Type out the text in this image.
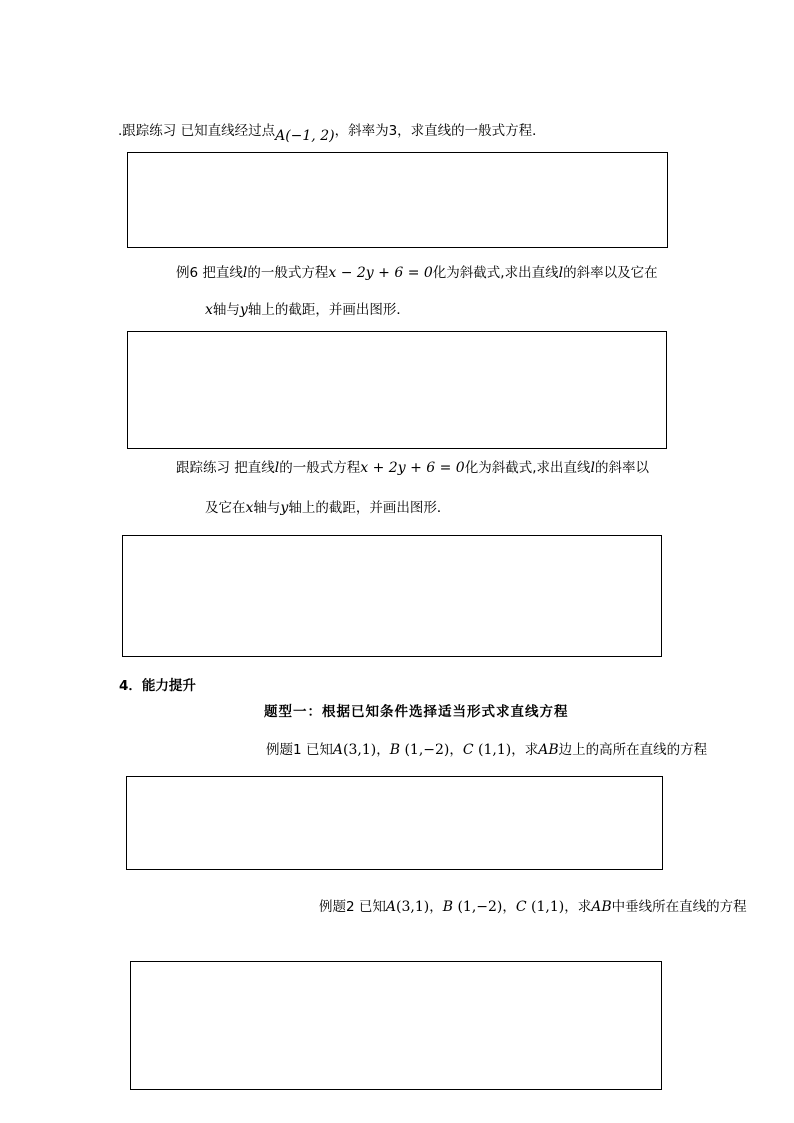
.跟踪练习 已知直线经过点A(−1, 2)，斜率为3，求直线的一般式方程．
例6 把直线l的一般式方程x − 2y + 6 = 0化为斜截式,求出直线l的斜率以及它在
x轴与y轴上的截距，并画出图形．
跟踪练习 把直线l的一般式方程x + 2y + 6 = 0化为斜截式,求出直线l的斜率以
及它在x轴与y轴上的截距，并画出图形．
4．能力提升
题型一：根据已知条件选择适当形式求直线方程
例题1 已知A(3,1)，B (1,−2)，C (1,1)，求AB边上的高所在直线的方程
例题2 已知A(3,1)，B (1,−2)，C (1,1)，求AB中垂线所在直线的方程
